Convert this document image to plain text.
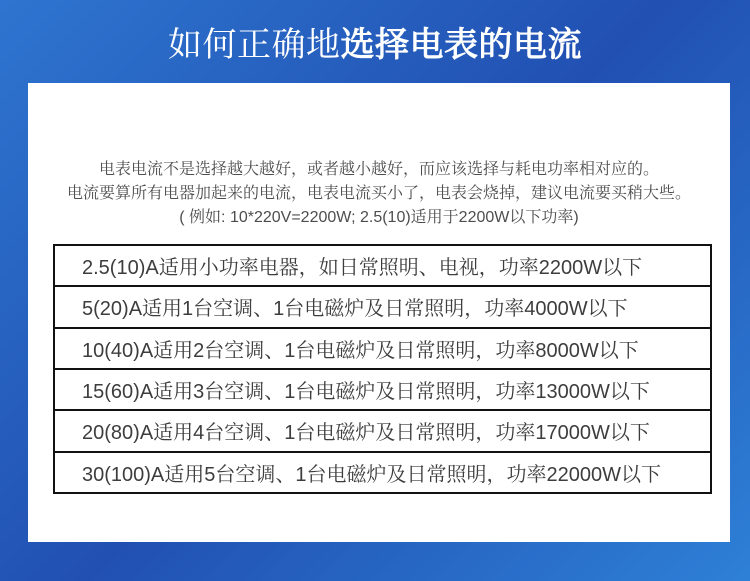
如何正确地选择电表的电流

电表电流不是选择越大越好，或者越小越好，而应该选择与耗电功率相对应的。
电流要算所有电器加起来的电流，电表电流买小了，电表会烧掉，建议电流要买稍大些。
( 例如: 10*220V=2200W; 2.5(10)适用于2200W以下功率)

2.5(10)A适用小功率电器，如日常照明、电视，功率2200W以下
5(20)A适用1台空调、1台电磁炉及日常照明，功率4000W以下
10(40)A适用2台空调、1台电磁炉及日常照明，功率8000W以下
15(60)A适用3台空调、1台电磁炉及日常照明，功率13000W以下
20(80)A适用4台空调、1台电磁炉及日常照明，功率17000W以下
30(100)A适用5台空调、1台电磁炉及日常照明，功率22000W以下
